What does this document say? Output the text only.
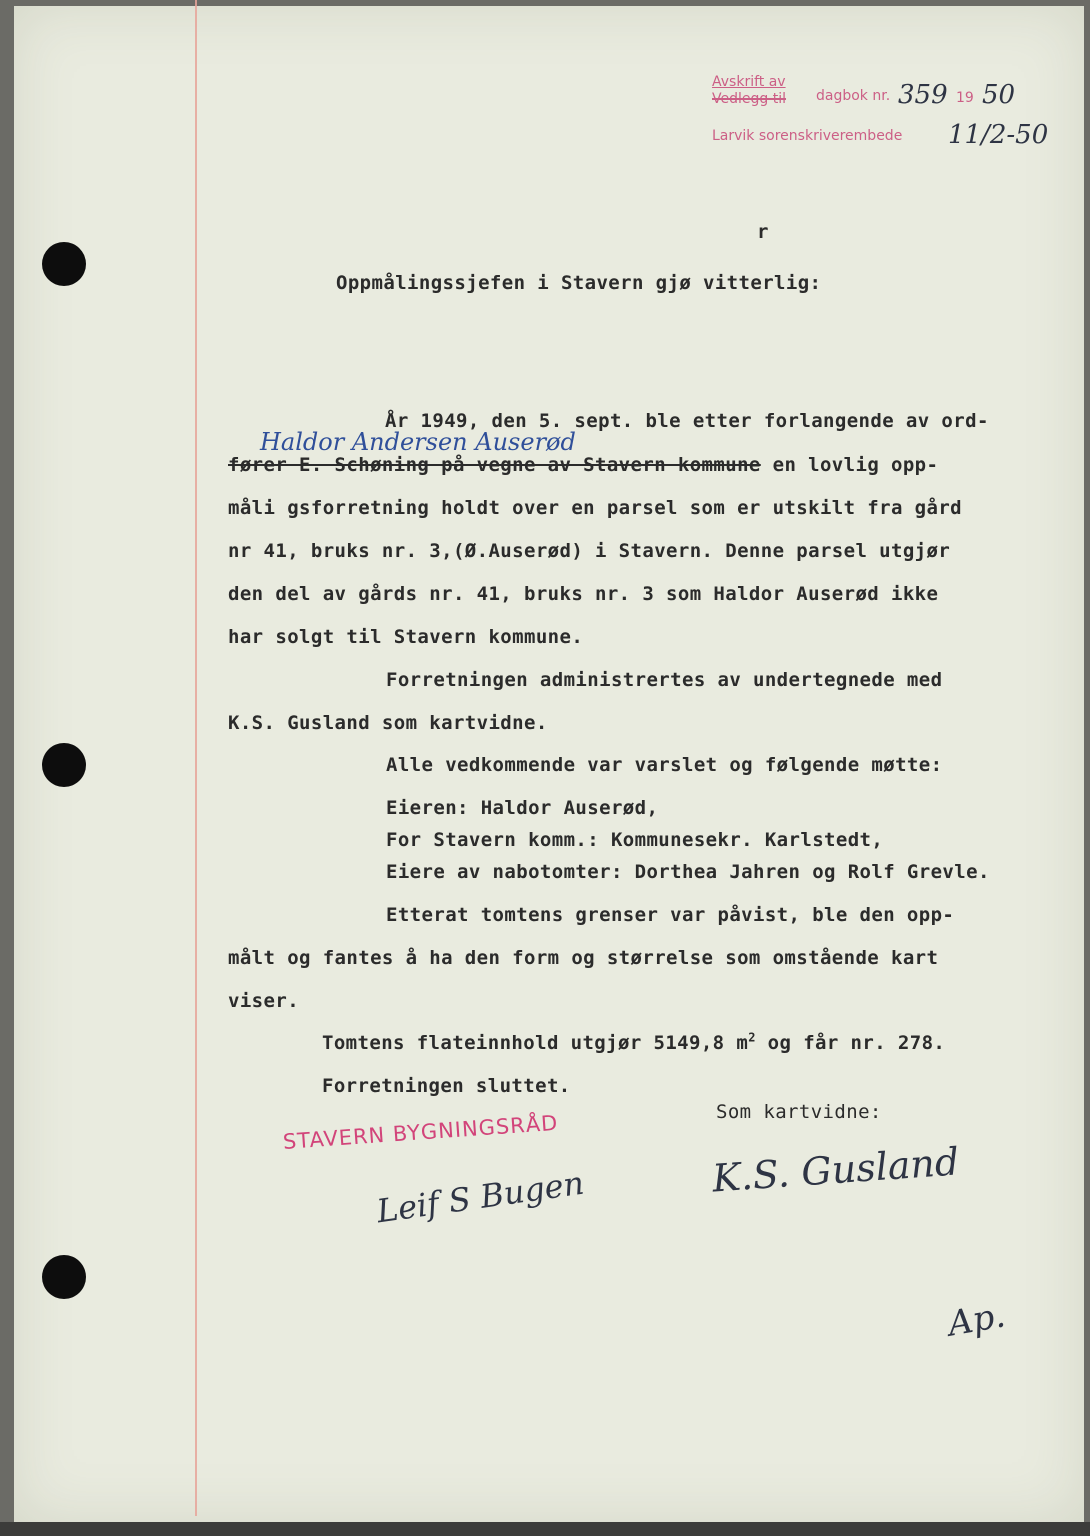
Avskrift av
Vedlegg til dagbok nr. 359 19 50
Larvik sorenskriverembede 11/2-50
r
Oppmålingssjefen i Stavern gjø vitterlig:
År 1949, den 5. sept. ble etter forlangende av ord-
Haldor Andersen Auserød
fører E. Schøning på vegne av Stavern kommune en lovlig opp-
måli gsforretning holdt over en parsel som er utskilt fra gård
nr 41, bruks nr. 3,(Ø.Auserød) i Stavern. Denne parsel utgjør
den del av gårds nr. 41, bruks nr. 3 som Haldor Auserød ikke
har solgt til Stavern kommune.
Forretningen administrertes av undertegnede med
K.S. Gusland som kartvidne.
Alle vedkommende var varslet og følgende møtte:
Eieren: Haldor Auserød,
For Stavern komm.: Kommunesekr. Karlstedt,
Eiere av nabotomter: Dorthea Jahren og Rolf Grevle.
Etterat tomtens grenser var påvist, ble den opp-
målt og fantes å ha den form og størrelse som omstående kart
viser.
Tomtens flateinnhold utgjør 5149,8 $m^2$ og får nr. 278.
Forretningen sluttet.
Som kartvidne:
STAVERN BYGNINGSRÅD
Leif S Bugen	K.S. Gusland
Ap.
